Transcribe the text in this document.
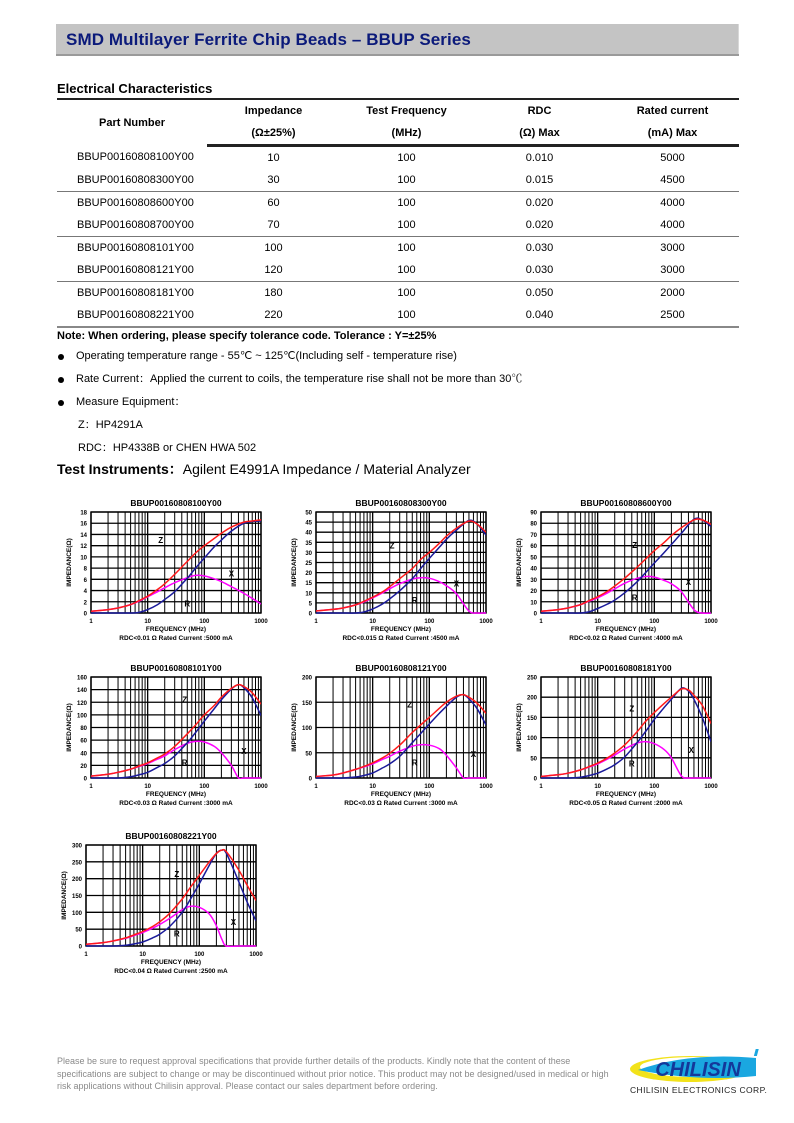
SMD Multilayer Ferrite Chip Beads – BBUP Series
Electrical Characteristics
Part Number	Impedance	Test Frequency	RDC	Rated current
	(Ω±25%)	(MHz)	(Ω) Max	(mA) Max
BBUP00160808100Y00	10	100	0.010	5000
BBUP00160808300Y00	30	100	0.015	4500
BBUP00160808600Y00	60	100	0.020	4000
BBUP00160808700Y00	70	100	0.020	4000
BBUP00160808101Y00	100	100	0.030	3000
BBUP00160808121Y00	120	100	0.030	3000
BBUP00160808181Y00	180	100	0.050	2000
BBUP00160808221Y00	220	100	0.040	2500
Note: When ordering, please specify tolerance code. Tolerance : Y=±25%
Operating temperature range - 55℃ ~ 125℃(Including self - temperature rise)
Rate Current：Applied the current to coils, the temperature rise shall not be more than 30℃
Measure Equipment：
Z：HP4291A
RDC：HP4338B or CHEN HWA 502
Test Instruments：Agilent E4991A Impedance / Material Analyzer
BBUP00160808100Y00
0
2
4
6
8
10
12
14
16
18
1	10	100	1000
Z
X
R
FREQUENCY (MHz)
IMPEDANCE(Ω)
RDC<0.01 Ω Rated Current :5000 mA
BBUP00160808300Y00
0
5
10
15
20
25
30
35
40
45
50
1	10	100	1000
Z
X
R
FREQUENCY (MHz)
IMPEDANCE(Ω)
RDC<0.015 Ω Rated Current :4500 mA
BBUP00160808600Y00
0
10
20
30
40
50
60
70
80
90
1	10	100	1000
Z
X
R
FREQUENCY (MHz)
IMPEDANCE(Ω)
RDC<0.02 Ω Rated Current :4000 mA
BBUP00160808101Y00
0
20
40
60
80
100
120
140
160
1	10	100	1000
Z
X
R
FREQUENCY (MHz)
IMPEDANCE(Ω)
RDC<0.03 Ω Rated Current :3000 mA
BBUP00160808121Y00
0
50
100
150
200
1	10	100	1000
Z
X
R
FREQUENCY (MHz)
IMPEDANCE(Ω)
RDC<0.03 Ω Rated Current :3000 mA
BBUP00160808181Y00
0
50
100
150
200
250
1	10	100	1000
Z
X
R
FREQUENCY (MHz)
IMPEDANCE(Ω)
RDC<0.05 Ω Rated Current :2000 mA
BBUP00160808221Y00
0
50
100
150
200
250
300
1	10	100	1000
Z
X
R
FREQUENCY (MHz)
IMPEDANCE(Ω)
RDC<0.04 Ω Rated Current :2500 mA
Please be sure to request approval specifications that provide further details of the products. Kindly note that the content of these specifications are subject to change or may be discontinued without prior notice. This product may not be designed/used in medical or high risk applications without Chilisin approval. Please contact our sales department before ordering.
CHILISIN
CHILISIN ELECTRONICS CORP.
